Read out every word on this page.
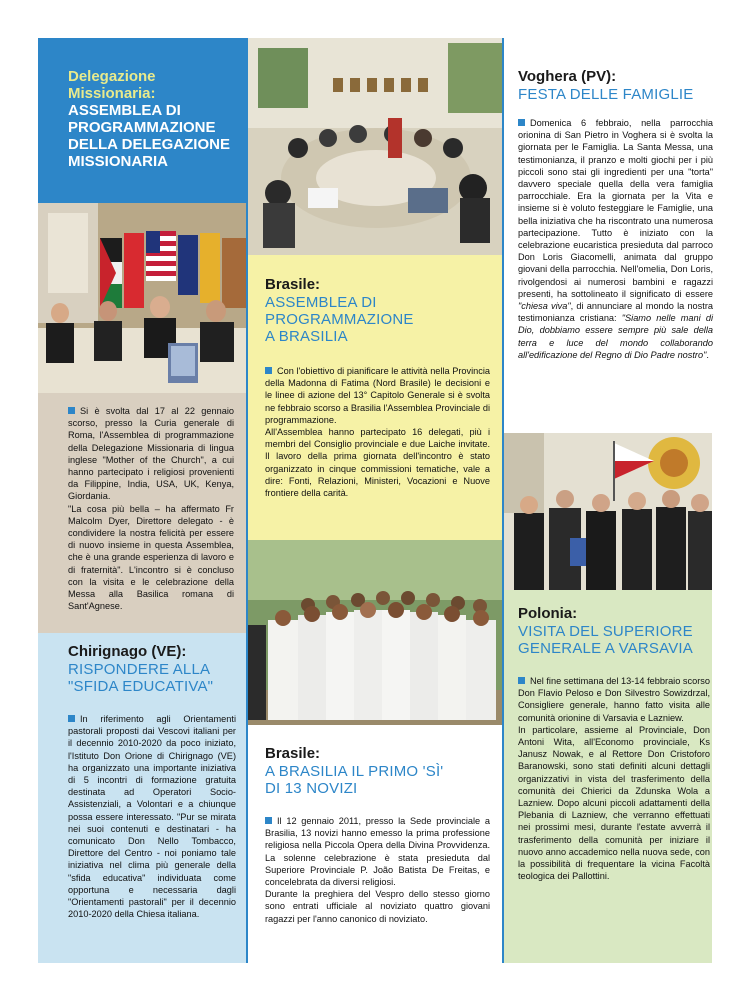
Delegazione
Missionaria:
ASSEMBLEA DI
PROGRAMMAZIONE
DELLA DELEGAZIONE
MISSIONARIA

Si è svolta dal 17 al 22 gennaio scorso, presso la Curia generale di Roma, l'Assemblea di programmazione della Delegazione Missionaria di lingua inglese "Mother of the Church", a cui hanno partecipato i religiosi provenienti da Filippine, India, USA, UK, Kenya, Giordania.

"La cosa più bella – ha affermato Fr Malcolm Dyer, Direttore delegato - è condividere la nostra felicità per essere di nuovo insieme in questa Assemblea, che è una grande esperienza di lavoro e di fraternità". L'incontro si è concluso con la visita e le celebrazione della Messa alla Basilica romana di Sant'Agnese.

Chirignago (VE):
RISPONDERE ALLA
"SFIDA EDUCATIVA"

In riferimento agli Orientamenti pastorali proposti dai Vescovi italiani per il decennio 2010-2020 da poco iniziato, l'Istituto Don Orione di Chirignago (VE) ha organizzato una importante iniziativa di 5 incontri di formazione gratuita destinata ad Operatori Socio-Assistenziali, a Volontari e a chiunque possa essere interessato. "Pur se mirata nei suoi contenuti e destinatari - ha comunicato Don Nello Tombacco, Direttore del Centro - noi poniamo tale iniziativa nel clima più generale della "sfida educativa" individuata come opportuna e necessaria dagli "Orientamenti pastorali" per il decennio 2010-2020 della Chiesa italiana.

Brasile:
ASSEMBLEA DI
PROGRAMMAZIONE
A BRASILIA

Con l'obiettivo di pianificare le attività nella Provincia della Madonna di Fatima (Nord Brasile) le decisioni e le linee di azione del 13° Capitolo Generale si è svolta ne febbraio scorso a Brasilia l'Assemblea Provinciale di programmazione.

All'Assemblea hanno partecipato 16 delegati, più i membri del Consiglio provinciale e due Laiche invitate. Il lavoro della prima giornata dell'incontro è stato organizzato in cinque commissioni tematiche, vale a dire: Fonti, Relazioni, Ministeri, Vocazioni e Nuove frontiere della carità.

Brasile:
A BRASILIA IL PRIMO 'SÌ'
DI 13 NOVIZI

Il 12 gennaio 2011, presso la Sede provinciale a Brasilia, 13 novizi hanno emesso la prima professione religiosa nella Piccola Opera della Divina Provvidenza. La solenne celebrazione è stata presieduta dal Superiore Provinciale P. João Batista De Freitas, e concelebrata da diversi religiosi.

Durante la preghiera del Vespro dello stesso giorno sono entrati ufficiale al noviziato quattro giovani ragazzi per l'anno canonico di noviziato.

Voghera (PV):
FESTA DELLE FAMIGLIE

Domenica 6 febbraio, nella parrocchia orionina di San Pietro in Voghera si è svolta la giornata per le Famiglia. La Santa Messa, una testimonianza, il pranzo e molti giochi per i più piccoli sono stai gli ingredienti per una "torta" davvero speciale quella della vera famiglia parrocchiale. Era la giornata per la Vita e insieme si è voluto festeggiare le Famiglie, una bella iniziativa che ha riscontrato una numerosa partecipazione. Tutto è iniziato con la celebrazione eucaristica presieduta dal parroco Don Loris Giacomelli, animata dal gruppo giovani della parrocchia. Nell'omelia, Don Loris, rivolgendosi ai numerosi bambini e ragazzi presenti, ha sottolineato il significato di essere "chiesa viva", di annunciare al mondo la nostra testimonianza cristiana: "Siamo nelle mani di Dio, dobbiamo essere sempre più sale della terra e luce del mondo collaborando all'edificazione del Regno di Dio Padre nostro".

Polonia:
VISITA DEL SUPERIORE
GENERALE A VARSAVIA

Nel fine settimana del 13-14 febbraio scorso Don Flavio Peloso e Don Silvestro Sowizdrzal, Consigliere generale, hanno fatto visita alle comunità orionine di Varsavia e Lazniew.

In particolare, assieme al Provinciale, Don Antoni Wita, all'Economo provinciale, Ks Janusz Nowak, e al Rettore Don Cristoforo Baranowski, sono stati definiti alcuni dettagli organizzativi in vista del trasferimento della comunità dei Chierici da Zdunska Wola a Lazniew. Dopo alcuni piccoli adattamenti della Plebania di Lazniew, che verranno effettuati nei prossimi mesi, durante l'estate avverrà il trasferimento della comunità per iniziare il nuovo anno accademico nella nuova sede, con la possibilità di frequentare la vicina Facoltà teologica dei Pallottini.
